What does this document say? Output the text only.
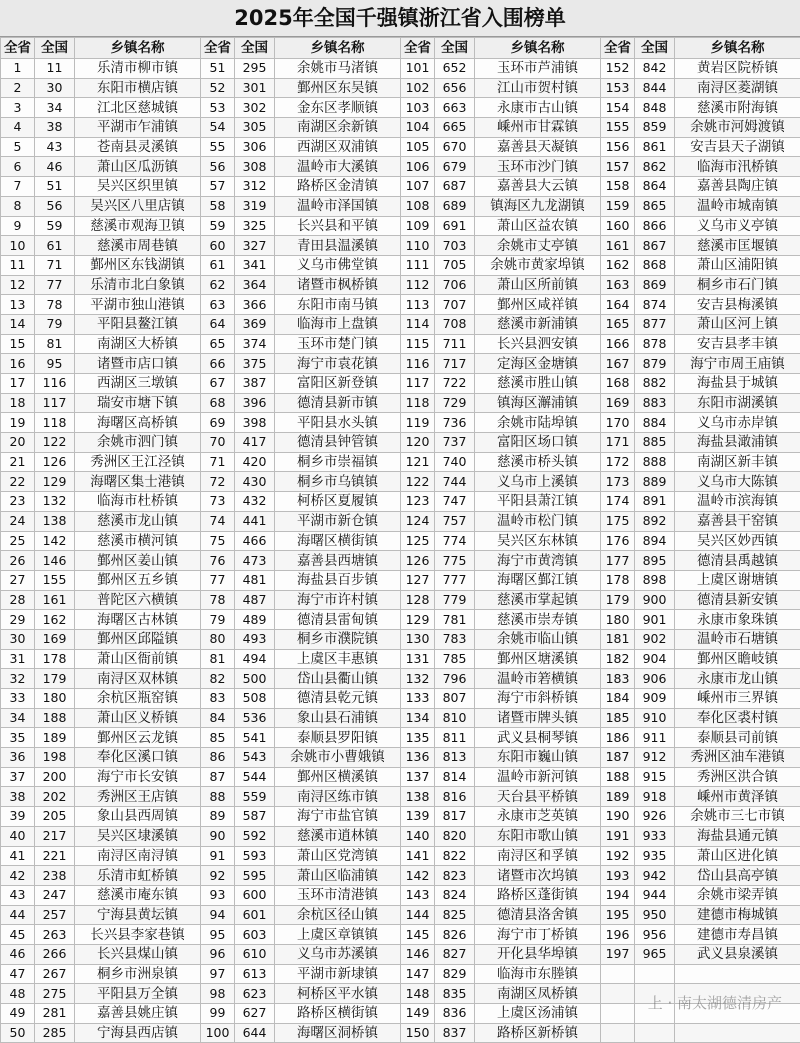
2025年全国千强镇浙江省入围榜单
全省	全国	乡镇名称	全省	全国	乡镇名称	全省	全国	乡镇名称	全省	全国	乡镇名称
1	11	乐清市柳市镇	51	295	余姚市马渚镇	101	652	玉环市芦浦镇	152	842	黄岩区院桥镇
2	30	东阳市横店镇	52	301	鄞州区东吴镇	102	656	江山市贺村镇	153	844	南浔区菱湖镇
3	34	江北区慈城镇	53	302	金东区孝顺镇	103	663	永康市古山镇	154	848	慈溪市附海镇
4	38	平湖市乍浦镇	54	305	南湖区余新镇	104	665	嵊州市甘霖镇	155	859	余姚市河姆渡镇
5	43	苍南县灵溪镇	55	306	西湖区双浦镇	105	670	嘉善县天凝镇	156	861	安吉县天子湖镇
6	46	萧山区瓜沥镇	56	308	温岭市大溪镇	106	679	玉环市沙门镇	157	862	临海市汛桥镇
7	51	吴兴区织里镇	57	312	路桥区金清镇	107	687	嘉善县大云镇	158	864	嘉善县陶庄镇
8	56	吴兴区八里店镇	58	319	温岭市泽国镇	108	689	镇海区九龙湖镇	159	865	温岭市城南镇
9	59	慈溪市观海卫镇	59	325	长兴县和平镇	109	691	萧山区益农镇	160	866	义乌市义亭镇
10	61	慈溪市周巷镇	60	327	青田县温溪镇	110	703	余姚市丈亭镇	161	867	慈溪市匡堰镇
11	71	鄞州区东钱湖镇	61	341	义乌市佛堂镇	111	705	余姚市黄家埠镇	162	868	萧山区浦阳镇
12	77	乐清市北白象镇	62	364	诸暨市枫桥镇	112	706	萧山区所前镇	163	869	桐乡市石门镇
13	78	平湖市独山港镇	63	366	东阳市南马镇	113	707	鄞州区咸祥镇	164	874	安吉县梅溪镇
14	79	平阳县鳌江镇	64	369	临海市上盘镇	114	708	慈溪市新浦镇	165	877	萧山区河上镇
15	81	南湖区大桥镇	65	374	玉环市楚门镇	115	711	长兴县泗安镇	166	878	安吉县孝丰镇
16	95	诸暨市店口镇	66	375	海宁市袁花镇	116	717	定海区金塘镇	167	879	海宁市周王庙镇
17	116	西湖区三墩镇	67	387	富阳区新登镇	117	722	慈溪市胜山镇	168	882	海盐县于城镇
18	117	瑞安市塘下镇	68	396	德清县新市镇	118	729	镇海区澥浦镇	169	883	东阳市湖溪镇
19	118	海曙区高桥镇	69	398	平阳县水头镇	119	736	余姚市陆埠镇	170	884	义乌市赤岸镇
20	122	余姚市泗门镇	70	417	德清县钟管镇	120	737	富阳区场口镇	171	885	海盐县澉浦镇
21	126	秀洲区王江泾镇	71	420	桐乡市崇福镇	121	740	慈溪市桥头镇	172	888	南湖区新丰镇
22	129	海曙区集士港镇	72	430	桐乡市乌镇镇	122	744	义乌市上溪镇	173	889	义乌市大陈镇
23	132	临海市杜桥镇	73	432	柯桥区夏履镇	123	747	平阳县萧江镇	174	891	温岭市滨海镇
24	138	慈溪市龙山镇	74	441	平湖市新仓镇	124	757	温岭市松门镇	175	892	嘉善县干窑镇
25	142	慈溪市横河镇	75	466	海曙区横街镇	125	774	吴兴区东林镇	176	894	吴兴区妙西镇
26	146	鄞州区姜山镇	76	473	嘉善县西塘镇	126	775	海宁市黄湾镇	177	895	德清县禹越镇
27	155	鄞州区五乡镇	77	481	海盐县百步镇	127	777	海曙区鄞江镇	178	898	上虞区谢塘镇
28	161	普陀区六横镇	78	487	海宁市许村镇	128	779	慈溪市掌起镇	179	900	德清县新安镇
29	162	海曙区古林镇	79	489	德清县雷甸镇	129	781	慈溪市崇寿镇	180	901	永康市象珠镇
30	169	鄞州区邱隘镇	80	493	桐乡市濮院镇	130	783	余姚市临山镇	181	902	温岭市石塘镇
31	178	萧山区衙前镇	81	494	上虞区丰惠镇	131	785	鄞州区塘溪镇	182	904	鄞州区瞻岐镇
32	179	南浔区双林镇	82	500	岱山县衢山镇	132	796	温岭市箬横镇	183	906	永康市龙山镇
33	180	余杭区瓶窑镇	83	508	德清县乾元镇	133	807	海宁市斜桥镇	184	909	嵊州市三界镇
34	188	萧山区义桥镇	84	536	象山县石浦镇	134	810	诸暨市牌头镇	185	910	奉化区裘村镇
35	189	鄞州区云龙镇	85	541	泰顺县罗阳镇	135	811	武义县桐琴镇	186	911	泰顺县司前镇
36	198	奉化区溪口镇	86	543	余姚市小曹娥镇	136	813	东阳市巍山镇	187	912	秀洲区油车港镇
37	200	海宁市长安镇	87	544	鄞州区横溪镇	137	814	温岭市新河镇	188	915	秀洲区洪合镇
38	202	秀洲区王店镇	88	559	南浔区练市镇	138	816	天台县平桥镇	189	918	嵊州市黄泽镇
39	205	象山县西周镇	89	587	海宁市盐官镇	139	817	永康市芝英镇	190	926	余姚市三七市镇
40	217	吴兴区埭溪镇	90	592	慈溪市逍林镇	140	820	东阳市歌山镇	191	933	海盐县通元镇
41	221	南浔区南浔镇	91	593	萧山区党湾镇	141	822	南浔区和孚镇	192	935	萧山区进化镇
42	238	乐清市虹桥镇	92	595	萧山区临浦镇	142	823	诸暨市次坞镇	193	942	岱山县高亭镇
43	247	慈溪市庵东镇	93	600	玉环市清港镇	143	824	路桥区蓬街镇	194	944	余姚市梁弄镇
44	257	宁海县黄坛镇	94	601	余杭区径山镇	144	825	德清县洛舍镇	195	950	建德市梅城镇
45	263	长兴县李家巷镇	95	603	上虞区章镇镇	145	826	海宁市丁桥镇	196	956	建德市寿昌镇
46	266	长兴县煤山镇	96	610	义乌市苏溪镇	146	827	开化县华埠镇	197	965	武义县泉溪镇
47	267	桐乡市洲泉镇	97	613	平湖市新埭镇	147	829	临海市东塍镇			
48	275	平阳县万全镇	98	623	柯桥区平水镇	148	835	南湖区凤桥镇			
49	281	嘉善县姚庄镇	99	627	路桥区横街镇	149	836	上虞区汤浦镇			
50	285	宁海县西店镇	100	644	海曙区洞桥镇	150	837	路桥区新桥镇			
上 · 南太湖德清房产
